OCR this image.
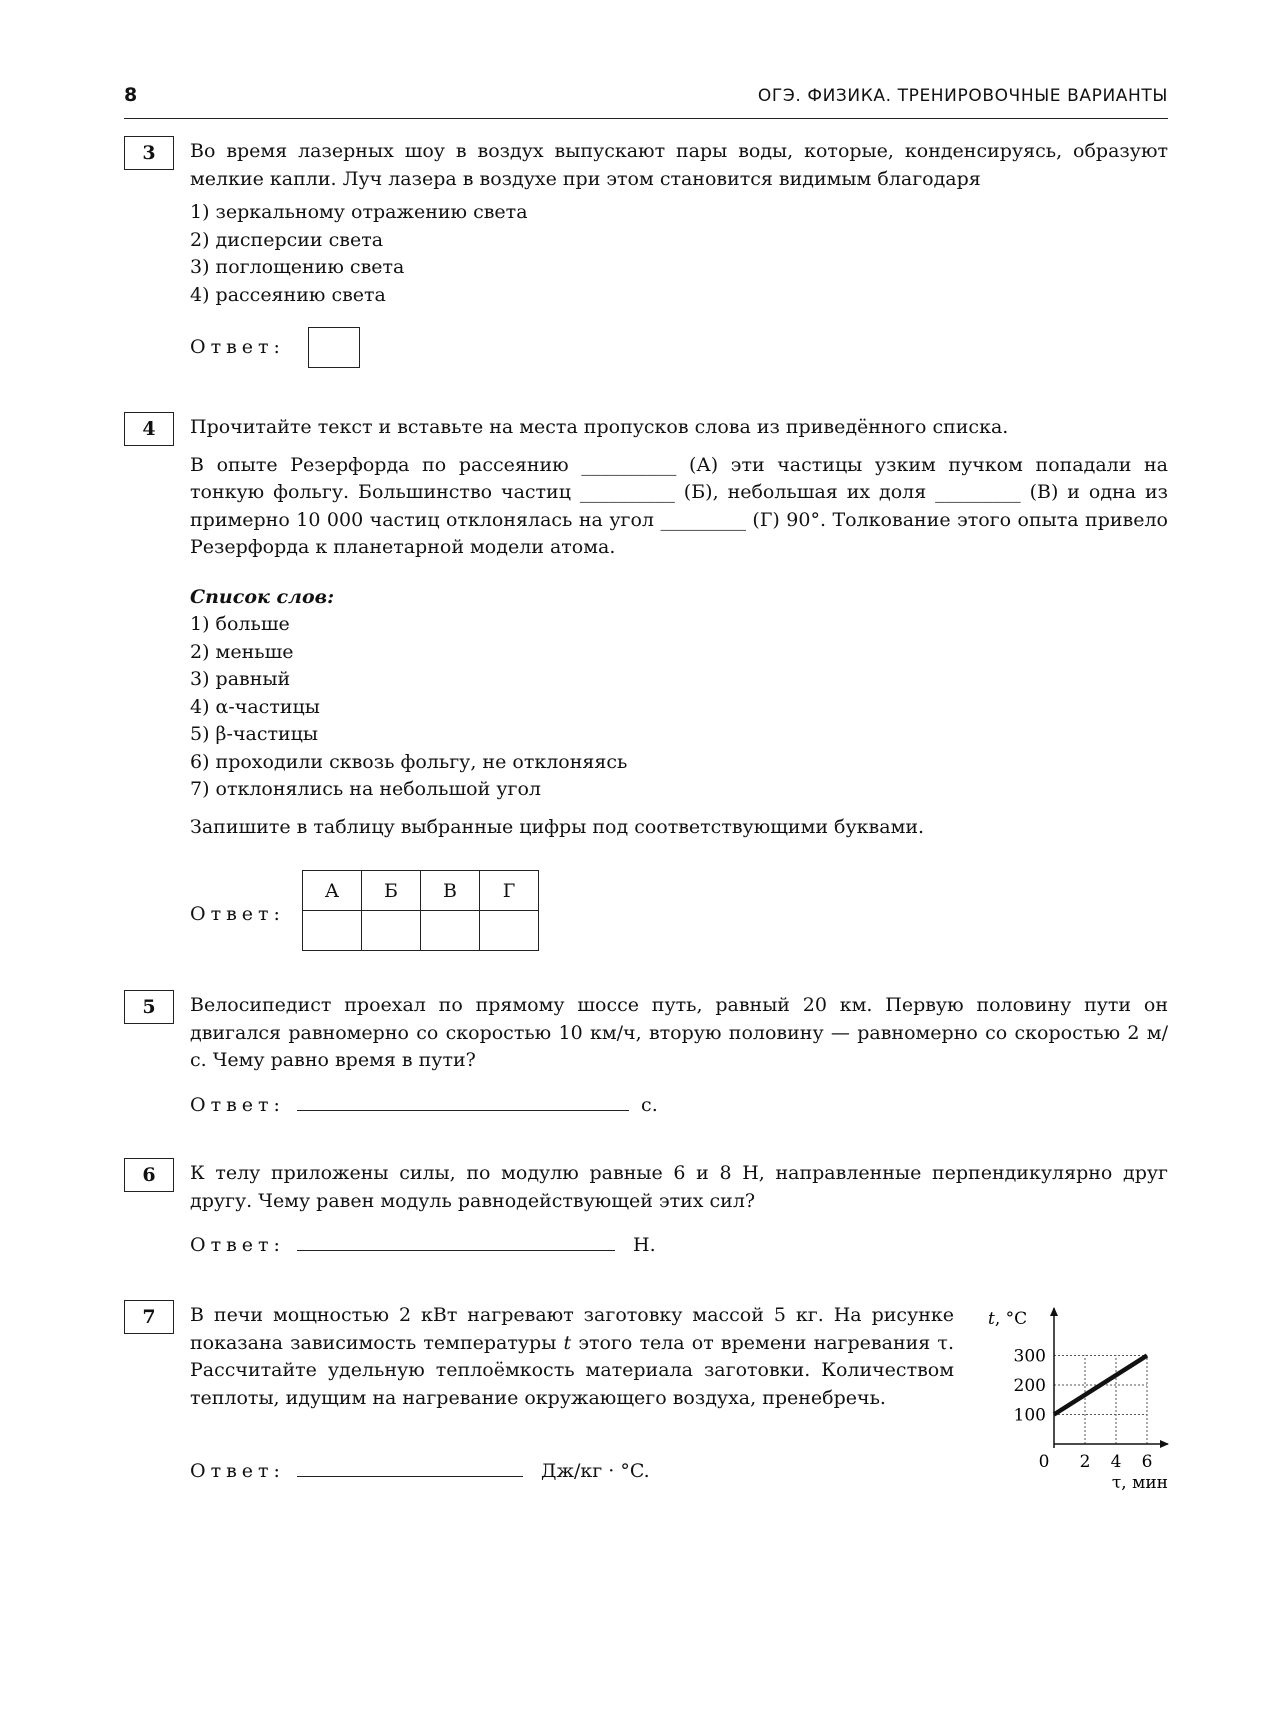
8	ОГЭ. ФИЗИКА. ТРЕНИРОВОЧНЫЕ ВАРИАНТЫ
3	Во время лазерных шоу в воздух выпускают пары воды, которые, конденсируясь, образуют мелкие капли. Луч лазера в воздухе при этом становится видимым благодаря

1) зеркальному отражению света

2) дисперсии света

3) поглощению света

4) рассеянию света

Ответ:
4	Прочитайте текст и вставьте на места пропусков слова из приведённого списка.

В опыте Резерфорда по рассеянию __________ (А) эти частицы узким пучком попадали на тонкую фольгу. Большинство частиц __________ (Б), небольшая их доля _________ (В) и одна из примерно 10 000 частиц отклонялась на угол _________ (Г) 90°. Толкование этого опыта привело Резерфорда к планетарной модели атома.

Список слов:

1) больше

2) меньше

3) равный

4) α-частицы

5) β-частицы

6) проходили сквозь фольгу, не отклоняясь

7) отклонялись на небольшой угол

Запишите в таблицу выбранные цифры под соответствующими буквами.

Ответ:
А	Б	В	Г

5	Велосипедист проехал по прямому шоссе путь, равный 20 км. Первую половину пути он двигался равномерно со скоростью 10 км/ч, вторую половину — равномерно со скоростью 2 м/с. Чему равно время в пути?
Ответ:	с.
6	К телу приложены силы, по модулю равные 6 и 8 Н, направленные перпендикулярно друг другу. Чему равен модуль равнодействующей этих сил?
Ответ:	Н.
7	В печи мощностью 2 кВт нагревают заготовку массой 5 кг. На рисунке показана зависимость температуры t этого тела от времени нагревания τ. Рассчитайте удельную теплоёмкость материала заготовки. Количеством теплоты, идущим на нагревание окружающего воздуха, пренебречь.
Ответ:	Дж/кг · °C.
100
200
300
0 2 4 6
t, °C
τ, мин
